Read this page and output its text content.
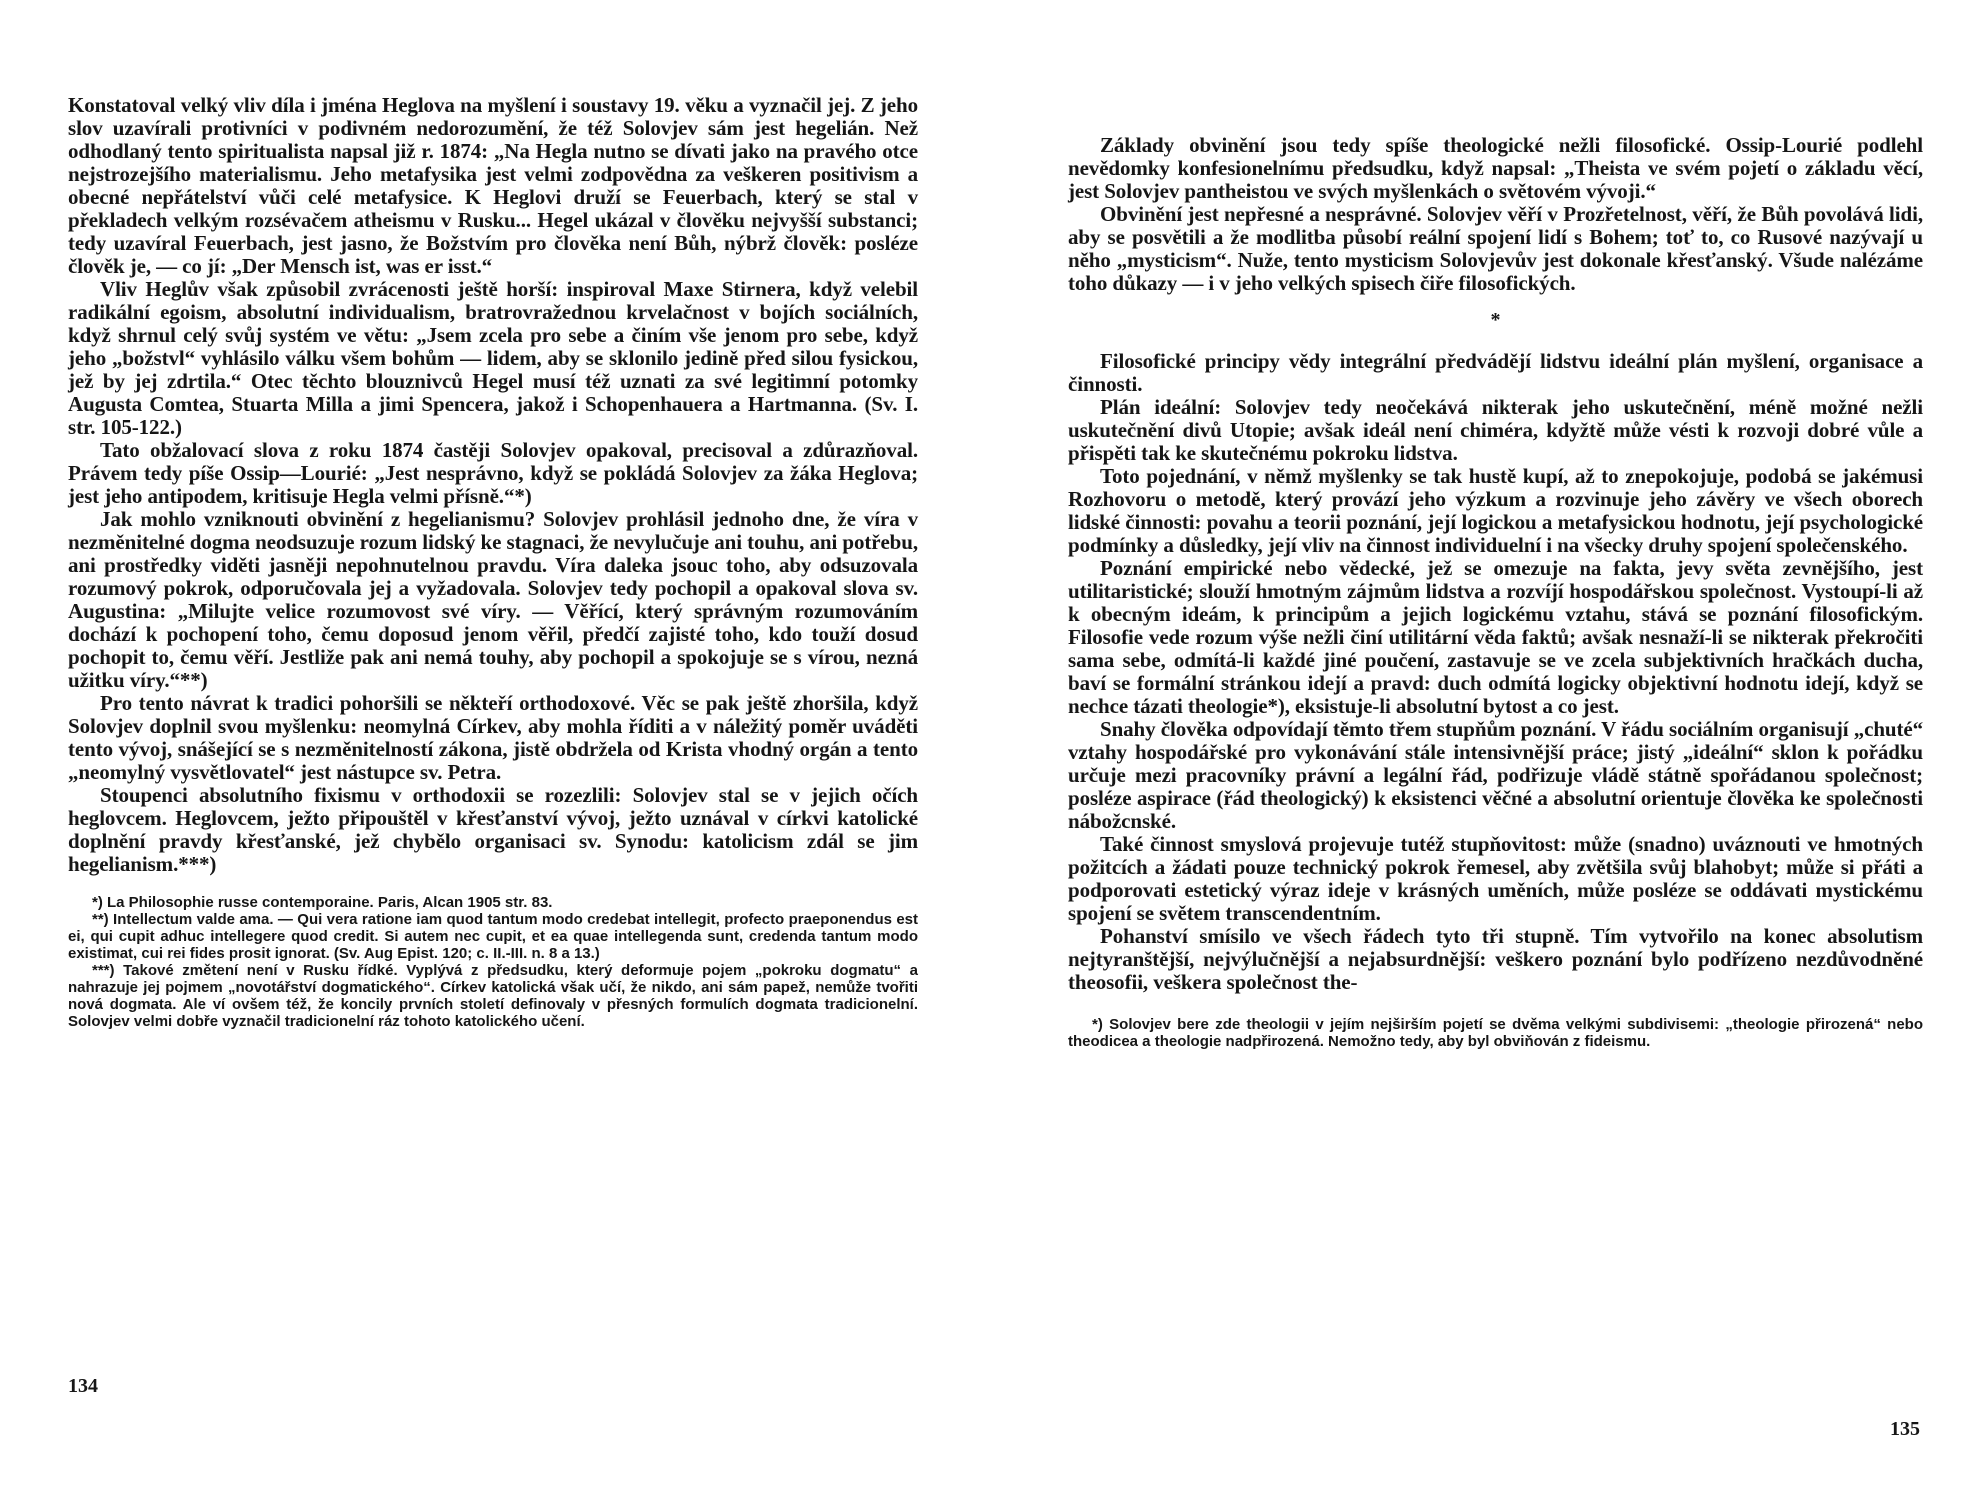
Konstatoval velký vliv díla i jména Heglova na myšlení i soustavy 19. věku a vyznačil jej. Z jeho slov uzavírali protivníci v podivném nedorozumění, že též Solovjev sám jest hegelián. Než odhodlaný tento spiritualista napsal již r. 1874: „Na Hegla nutno se dívati jako na pravého otce nejstrozejšího materialismu. Jeho metafysika jest velmi zodpovědna za veškeren positivism a obecné nepřátelství vůči celé metafysice. K Heglovi druží se Feuerbach, který se stal v překladech velkým rozsévačem atheismu v Rusku... Hegel ukázal v člověku nejvyšší substanci; tedy uzavíral Feuerbach, jest jasno, že Božstvím pro člověka není Bůh, nýbrž člověk: posléze člověk je, — co jí: „Der Mensch ist, was er isst.“

Vliv Heglův však způsobil zvrácenosti ještě horší: inspiroval Maxe Stirnera, když velebil radikální egoism, absolutní individualism, bratrovražednou krvelačnost v bojích sociálních, když shrnul celý svůj systém ve větu: „Jsem zcela pro sebe a činím vše jenom pro sebe, když jeho „božstvl“ vyhlásilo válku všem bohům — lidem, aby se sklonilo jedině před silou fysickou, jež by jej zdrtila.“ Otec těchto blouznivců Hegel musí též uznati za své legitimní potomky Augusta Comtea, Stuarta Milla a jimi Spencera, jakož i Schopenhauera a Hartmanna. (Sv. I. str. 105-122.)

Tato obžalovací slova z roku 1874 častěji Solovjev opakoval, precisoval a zdůrazňoval. Právem tedy píše Ossip—Lourié: „Jest nesprávno, když se pokládá Solovjev za žáka Heglova; jest jeho antipodem, kritisuje Hegla velmi přísně.“*)

Jak mohlo vzniknouti obvinění z hegelianismu? Solovjev prohlásil jednoho dne, že víra v nezměnitelné dogma neodsuzuje rozum lidský ke stagnaci, že nevylučuje ani touhu, ani potřebu, ani prostředky viděti jasněji nepohnutelnou pravdu. Víra daleka jsouc toho, aby odsuzovala rozumový pokrok, odporučovala jej a vyžadovala. Solovjev tedy pochopil a opakoval slova sv. Augustina: „Milujte velice rozumovost své víry. — Věřící, který správným rozumováním dochází k pochopení toho, čemu doposud jenom věřil, předčí zajisté toho, kdo touží dosud pochopit to, čemu věří. Jestliže pak ani nemá touhy, aby pochopil a spokojuje se s vírou, nezná užitku víry.“**)

Pro tento návrat k tradici pohoršili se někteří orthodoxové. Věc se pak ještě zhoršila, když Solovjev doplnil svou myšlenku: neomylná Církev, aby mohla říditi a v náležitý poměr uváděti tento vývoj, snášející se s nezměnitelností zákona, jistě obdržela od Krista vhodný orgán a tento „neomylný vysvětlovatel“ jest nástupce sv. Petra.

Stoupenci absolutního fixismu v orthodoxii se rozezlili: Solovjev stal se v jejich očích heglovcem. Heglovcem, ježto připouštěl v křesťanství vývoj, ježto uznával v církvi katolické doplnění pravdy křesťanské, jež chybělo organisaci sv. Synodu: katolicism zdál se jim hegelianism.***)

*) La Philosophie russe contemporaine. Paris, Alcan 1905 str. 83.

**) Intellectum valde ama. — Qui vera ratione iam quod tantum modo credebat intellegit, profecto praeponendus est ei, qui cupit adhuc intellegere quod credit. Si autem nec cupit, et ea quae intellegenda sunt, credenda tantum modo existimat, cui rei fides prosit ignorat. (Sv. Aug Epist. 120; c. II.-III. n. 8 a 13.)

***) Takové změtení není v Rusku řídké. Vyplývá z předsudku, který deformuje pojem „pokroku dogmatu“ a nahrazuje jej pojmem „novotářství dogmatického“. Církev katolická však učí, že nikdo, ani sám papež, nemůže tvořiti nová dogmata. Ale ví ovšem též, že koncily prvních století definovaly v přesných formulích dogmata tradicionelní. Solovjev velmi dobře vyznačil tradicionelní ráz tohoto katolického učení.

134

Základy obvinění jsou tedy spíše theologické nežli filosofické. Ossip-Lourié podlehl nevědomky konfesionelnímu předsudku, když napsal: „Theista ve svém pojetí o základu věcí, jest Solovjev pantheistou ve svých myšlenkách o světovém vývoji.“

Obvinění jest nepřesné a nesprávné. Solovjev věří v Prozřetelnost, věří, že Bůh povolává lidi, aby se posvětili a že modlitba působí reální spojení lidí s Bohem; toť to, co Rusové nazývají u něho „mysticism“. Nuže, tento mysticism Solovjevův jest dokonale křesťanský. Všude nalézáme toho důkazy — i v jeho velkých spisech čiře filosofických.

*

Filosofické principy vědy integrální předvádějí lidstvu ideální plán myšlení, organisace a činnosti.

Plán ideální: Solovjev tedy neočekává nikterak jeho uskutečnění, méně možné nežli uskutečnění divů Utopie; avšak ideál není chiméra, kdyžtě může vésti k rozvoji dobré vůle a přispěti tak ke skutečnému pokroku lidstva.

Toto pojednání, v němž myšlenky se tak hustě kupí, až to znepokojuje, podobá se jakémusi Rozhovoru o metodě, který provází jeho výzkum a rozvinuje jeho závěry ve všech oborech lidské činnosti: povahu a teorii poznání, její logickou a metafysickou hodnotu, její psychologické podmínky a důsledky, její vliv na činnost individuelní i na všecky druhy spojení společenského.

Poznání empirické nebo vědecké, jež se omezuje na fakta, jevy světa zevnějšího, jest utilitaristické; slouží hmotným zájmům lidstva a rozvíjí hospodářskou společnost. Vystoupí-li až k obecným ideám, k principům a jejich logickému vztahu, stává se poznání filosofickým. Filosofie vede rozum výše nežli činí utilitární věda faktů; avšak nesnaží-li se nikterak překročiti sama sebe, odmítá-li každé jiné poučení, zastavuje se ve zcela subjektivních hračkách ducha, baví se formální stránkou idejí a pravd: duch odmítá logicky objektivní hodnotu idejí, když se nechce tázati theologie*), eksistuje-li absolutní bytost a co jest.

Snahy člověka odpovídají těmto třem stupňům poznání. V řádu sociálním organisují „chuté“ vztahy hospodářské pro vykonávání stále intensivnější práce; jistý „ideální“ sklon k pořádku určuje mezi pracovníky právní a legální řád, podřizuje vládě státně spořádanou společnost; posléze aspirace (řád theologický) k eksistenci věčné a absolutní orientuje člověka ke společnosti nábožcnské.

Také činnost smyslová projevuje tutéž stupňovitost: může (snadno) uváznouti ve hmotných požitcích a žádati pouze technický pokrok řemesel, aby zvětšila svůj blahobyt; může si přáti a podporovati estetický výraz ideje v krásných uměních, může posléze se oddávati mystickému spojení se světem transcendentním.

Pohanství smísilo ve všech řádech tyto tři stupně. Tím vytvořilo na konec absolutism nejtyranštější, nejvýlučnější a nejabsurdnější: veškero poznání bylo podřízeno nezdůvodněné theosofii, veškera společnost the-

*) Solovjev bere zde theologii v jejím nejširším pojetí se dvěma velkými subdivisemi: „theologie přirozená“ nebo theodicea a theologie nadpřirozená. Nemožno tedy, aby byl obviňován z fideismu.

135
